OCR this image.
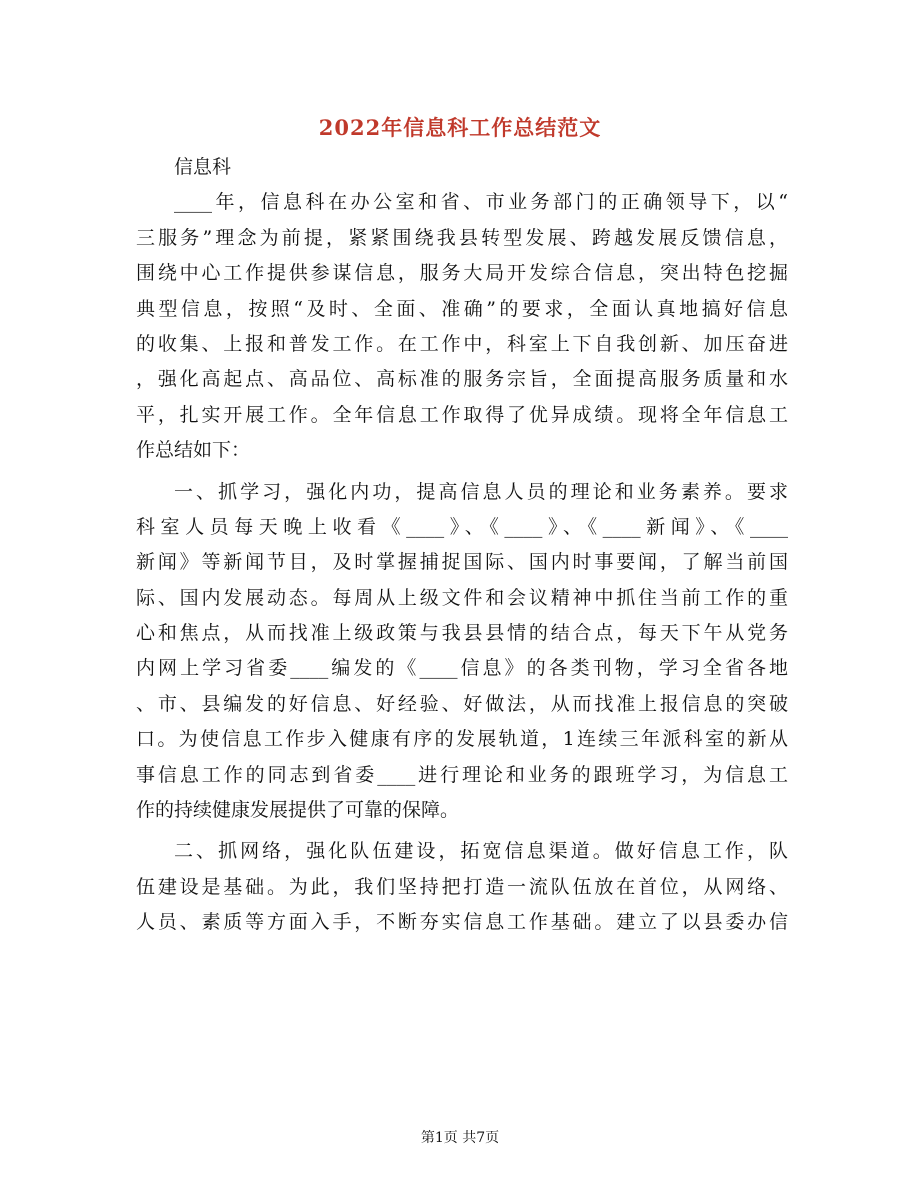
2022年信息科工作总结范文
信息科
____年，信息科在办公室和省、市业务部门的正确领导下，以“
三服务”理念为前提，紧紧围绕我县转型发展、跨越发展反馈信息，
围绕中心工作提供参谋信息，服务大局开发综合信息，突出特色挖掘
典型信息，按照“及时、全面、准确”的要求，全面认真地搞好信息
的收集、上报和普发工作。在工作中，科室上下自我创新、加压奋进
，强化高起点、高品位、高标准的服务宗旨，全面提高服务质量和水
平，扎实开展工作。全年信息工作取得了优异成绩。现将全年信息工
作总结如下：
一、抓学习，强化内功，提高信息人员的理论和业务素养。要求
科室人员每天晚上收看《____》、《____》、《____新闻》、《____
新闻》等新闻节目，及时掌握捕捉国际、国内时事要闻，了解当前国
际、国内发展动态。每周从上级文件和会议精神中抓住当前工作的重
心和焦点，从而找准上级政策与我县县情的结合点，每天下午从党务
内网上学习省委____编发的《____信息》的各类刊物，学习全省各地
、市、县编发的好信息、好经验、好做法，从而找准上报信息的突破
口。为使信息工作步入健康有序的发展轨道，1连续三年派科室的新从
事信息工作的同志到省委____进行理论和业务的跟班学习，为信息工
作的持续健康发展提供了可靠的保障。
二、抓网络，强化队伍建设，拓宽信息渠道。做好信息工作，队
伍建设是基础。为此，我们坚持把打造一流队伍放在首位，从网络、
人员、素质等方面入手，不断夯实信息工作基础。建立了以县委办信
第1页 共7页
